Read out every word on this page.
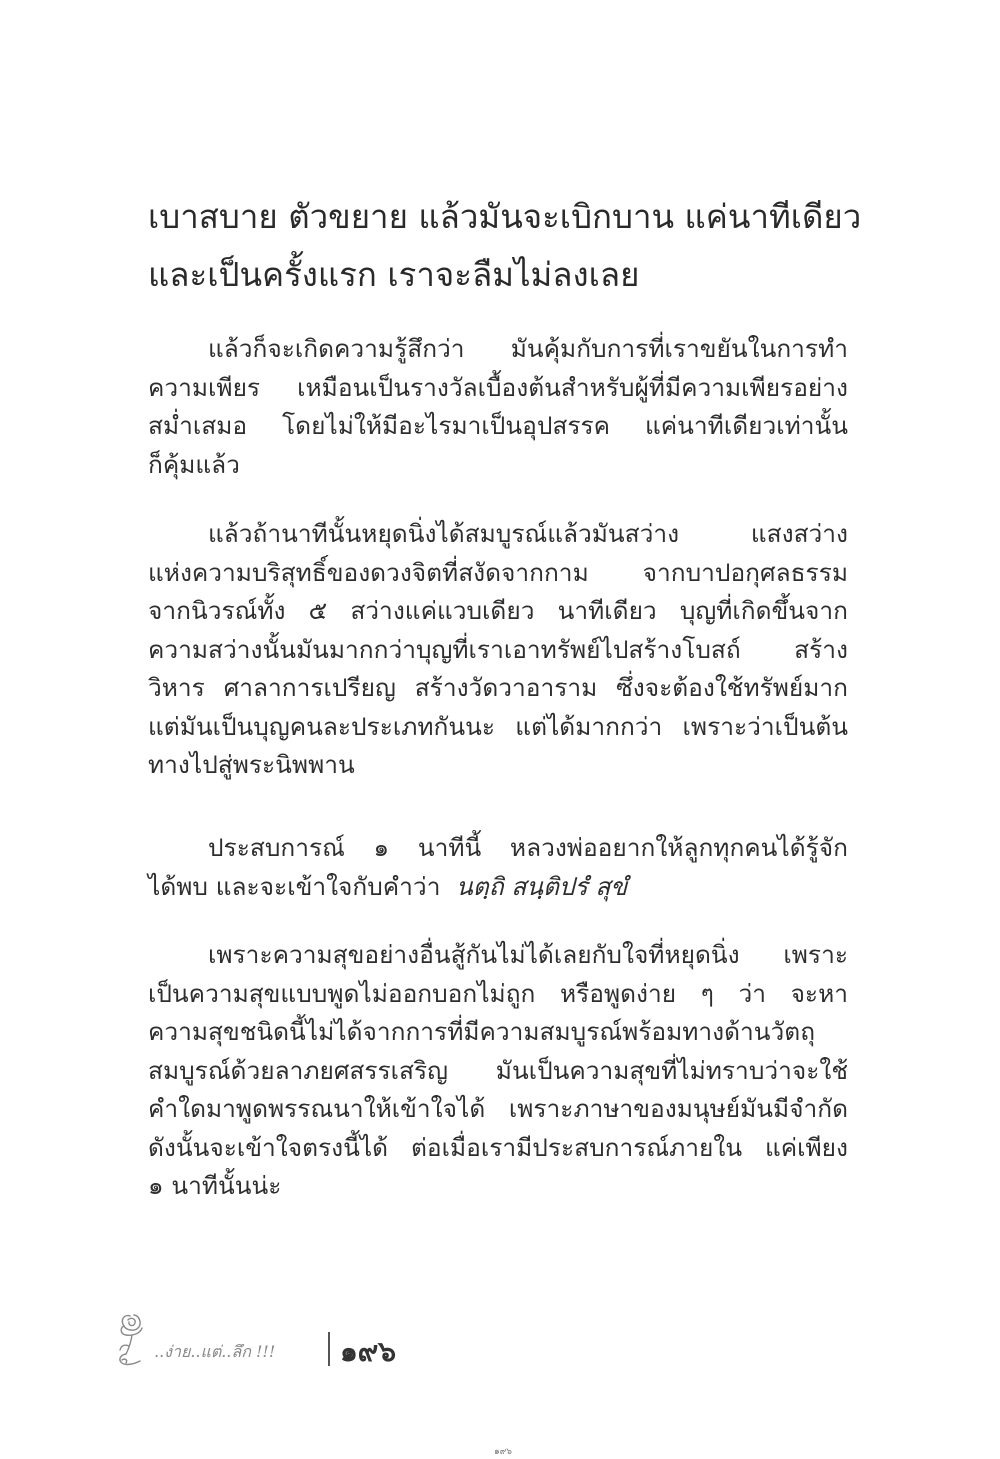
เบาสบาย ตัวขยาย แล้วมันจะเบิกบาน แค่นาทีเดียว
และเป็นครั้งแรก เราจะลืมไม่ลงเลย
แล้วก็จะเกิดความรู้สึกว่า มันคุ้มกับการที่เราขยันในการทำ
ความเพียร เหมือนเป็นรางวัลเบื้องต้นสำหรับผู้ที่มีความเพียรอย่าง
สม่ำเสมอ โดยไม่ให้มีอะไรมาเป็นอุปสรรค แค่นาทีเดียวเท่านั้น
ก็คุ้มแล้ว
แล้วถ้านาทีนั้นหยุดนิ่งได้สมบูรณ์แล้วมันสว่าง แสงสว่าง
แห่งความบริสุทธิ์ของดวงจิตที่สงัดจากกาม จากบาปอกุศลธรรม
จากนิวรณ์ทั้ง ๕ สว่างแค่แวบเดียว นาทีเดียว บุญที่เกิดขึ้นจาก
ความสว่างนั้นมันมากกว่าบุญที่เราเอาทรัพย์ไปสร้างโบสถ์ สร้าง
วิหาร ศาลาการเปรียญ สร้างวัดวาอาราม ซึ่งจะต้องใช้ทรัพย์มาก
แต่มันเป็นบุญคนละประเภทกันนะ แต่ได้มากกว่า เพราะว่าเป็นต้น
ทางไปสู่พระนิพพาน
ประสบการณ์ ๑ นาทีนี้ หลวงพ่ออยากให้ลูกทุกคนได้รู้จัก
ได้พบ และจะเข้าใจกับคำว่า นตฺถิ สนฺติปรํ สุขํ
เพราะความสุขอย่างอื่นสู้กันไม่ได้เลยกับใจที่หยุดนิ่ง เพราะ
เป็นความสุขแบบพูดไม่ออกบอกไม่ถูก หรือพูดง่าย ๆ ว่า จะหา
ความสุขชนิดนี้ไม่ได้จากการที่มีความสมบูรณ์พร้อมทางด้านวัตถุ
สมบูรณ์ด้วยลาภยศสรรเสริญ มันเป็นความสุขที่ไม่ทราบว่าจะใช้
คำใดมาพูดพรรณนาให้เข้าใจได้ เพราะภาษาของมนุษย์มันมีจำกัด
ดังนั้นจะเข้าใจตรงนี้ได้ ต่อเมื่อเรามีประสบการณ์ภายใน แค่เพียง
๑ นาทีนั้นน่ะ
..ง่าย..แต่..ลึก !!! ๑๙๖
๑๙๖
